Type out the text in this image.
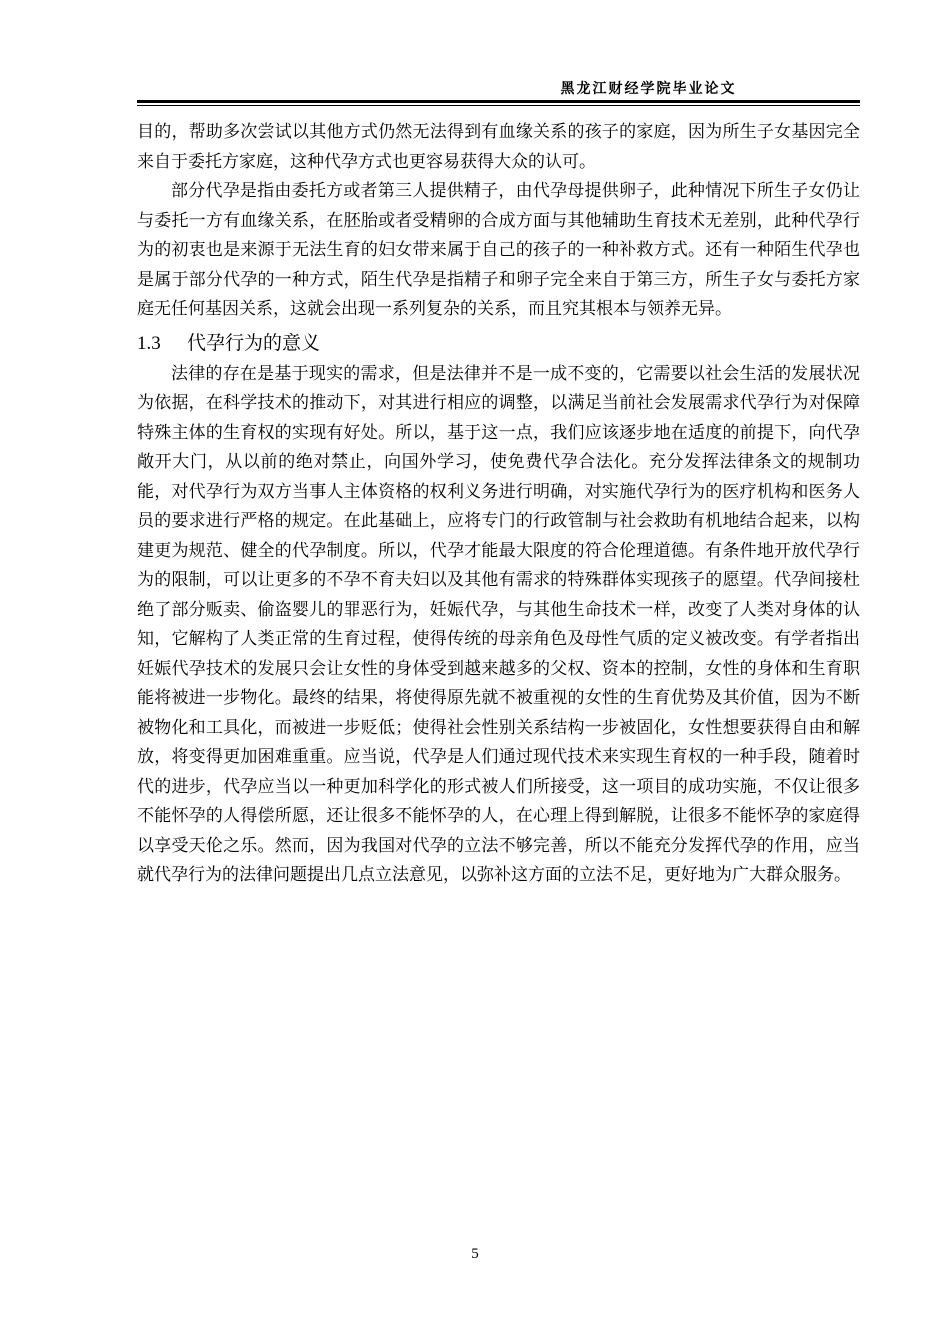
黑龙江财经学院毕业论文

目的，帮助多次尝试以其他方式仍然无法得到有血缘关系的孩子的家庭，因为所生子女基因完全来自于委托方家庭，这种代孕方式也更容易获得大众的认可。

部分代孕是指由委托方或者第三人提供精子，由代孕母提供卵子，此种情况下所生子女仍让与委托一方有血缘关系，在胚胎或者受精卵的合成方面与其他辅助生育技术无差别，此种代孕行为的初衷也是来源于无法生育的妇女带来属于自己的孩子的一种补救方式。还有一种陌生代孕也是属于部分代孕的一种方式，陌生代孕是指精子和卵子完全来自于第三方，所生子女与委托方家庭无任何基因关系，这就会出现一系列复杂的关系，而且究其根本与领养无异。

1.3 代孕行为的意义

法律的存在是基于现实的需求，但是法律并不是一成不变的，它需要以社会生活的发展状况为依据，在科学技术的推动下，对其进行相应的调整，以满足当前社会发展需求代孕行为对保障特殊主体的生育权的实现有好处。所以，基于这一点，我们应该逐步地在适度的前提下，向代孕敞开大门，从以前的绝对禁止，向国外学习，使免费代孕合法化。充分发挥法律条文的规制功能，对代孕行为双方当事人主体资格的权利义务进行明确，对实施代孕行为的医疗机构和医务人员的要求进行严格的规定。在此基础上，应将专门的行政管制与社会救助有机地结合起来，以构建更为规范、健全的代孕制度。所以，代孕才能最大限度的符合伦理道德。有条件地开放代孕行为的限制，可以让更多的不孕不育夫妇以及其他有需求的特殊群体实现孩子的愿望。代孕间接杜绝了部分贩卖、偷盗婴儿的罪恶行为，妊娠代孕，与其他生命技术一样，改变了人类对身体的认知，它解构了人类正常的生育过程，使得传统的母亲角色及母性气质的定义被改变。有学者指出妊娠代孕技术的发展只会让女性的身体受到越来越多的父权、资本的控制，女性的身体和生育职能将被进一步物化。最终的结果，将使得原先就不被重视的女性的生育优势及其价值，因为不断被物化和工具化，而被进一步贬低；使得社会性别关系结构一步被固化，女性想要获得自由和解放，将变得更加困难重重。应当说，代孕是人们通过现代技术来实现生育权的一种手段，随着时代的进步，代孕应当以一种更加科学化的形式被人们所接受，这一项目的成功实施，不仅让很多不能怀孕的人得偿所愿，还让很多不能怀孕的人，在心理上得到解脱，让很多不能怀孕的家庭得以享受天伦之乐。然而，因为我国对代孕的立法不够完善，所以不能充分发挥代孕的作用，应当就代孕行为的法律问题提出几点立法意见，以弥补这方面的立法不足，更好地为广大群众服务。

5
